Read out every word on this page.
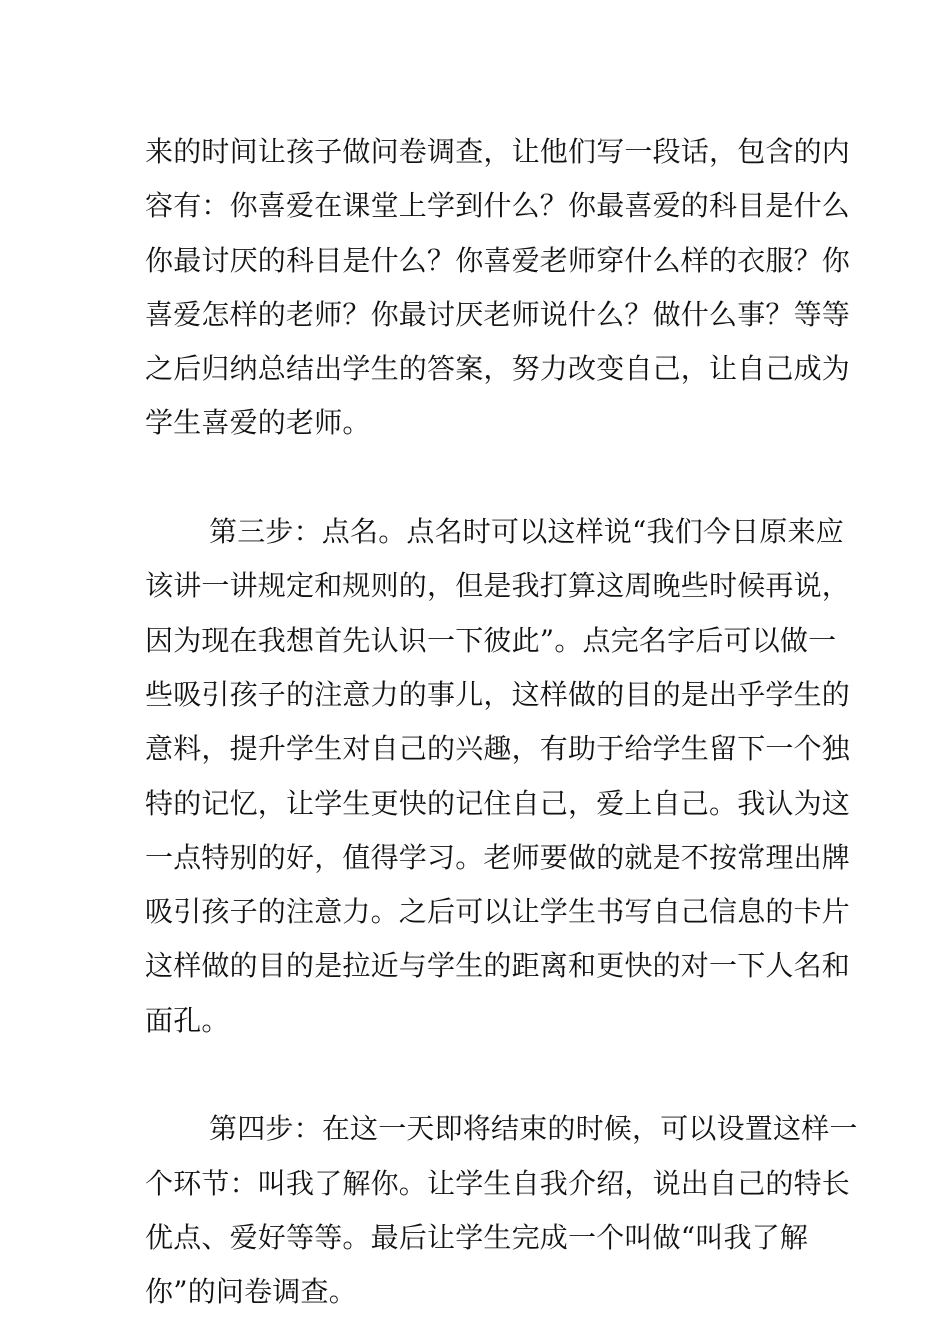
来的时间让孩子做问卷调查，让他们写一段话，包含的内
容有：你喜爱在课堂上学到什么？你最喜爱的科目是什么
你最讨厌的科目是什么？你喜爱老师穿什么样的衣服？你
喜爱怎样的老师？你最讨厌老师说什么？做什么事？等等
之后归纳总结出学生的答案，努力改变自己，让自己成为
学生喜爱的老师。
第三步：点名。点名时可以这样说“我们今日原来应
该讲一讲规定和规则的，但是我打算这周晚些时候再说，
因为现在我想首先认识一下彼此”。点完名字后可以做一
些吸引孩子的注意力的事儿，这样做的目的是出乎学生的
意料，提升学生对自己的兴趣，有助于给学生留下一个独
特的记忆，让学生更快的记住自己，爱上自己。我认为这
一点特别的好，值得学习。老师要做的就是不按常理出牌
吸引孩子的注意力。之后可以让学生书写自己信息的卡片
这样做的目的是拉近与学生的距离和更快的对一下人名和
面孔。
第四步：在这一天即将结束的时候，可以设置这样一
个环节：叫我了解你。让学生自我介绍，说出自己的特长
优点、爱好等等。最后让学生完成一个叫做“叫我了解
你”的问卷调查。
